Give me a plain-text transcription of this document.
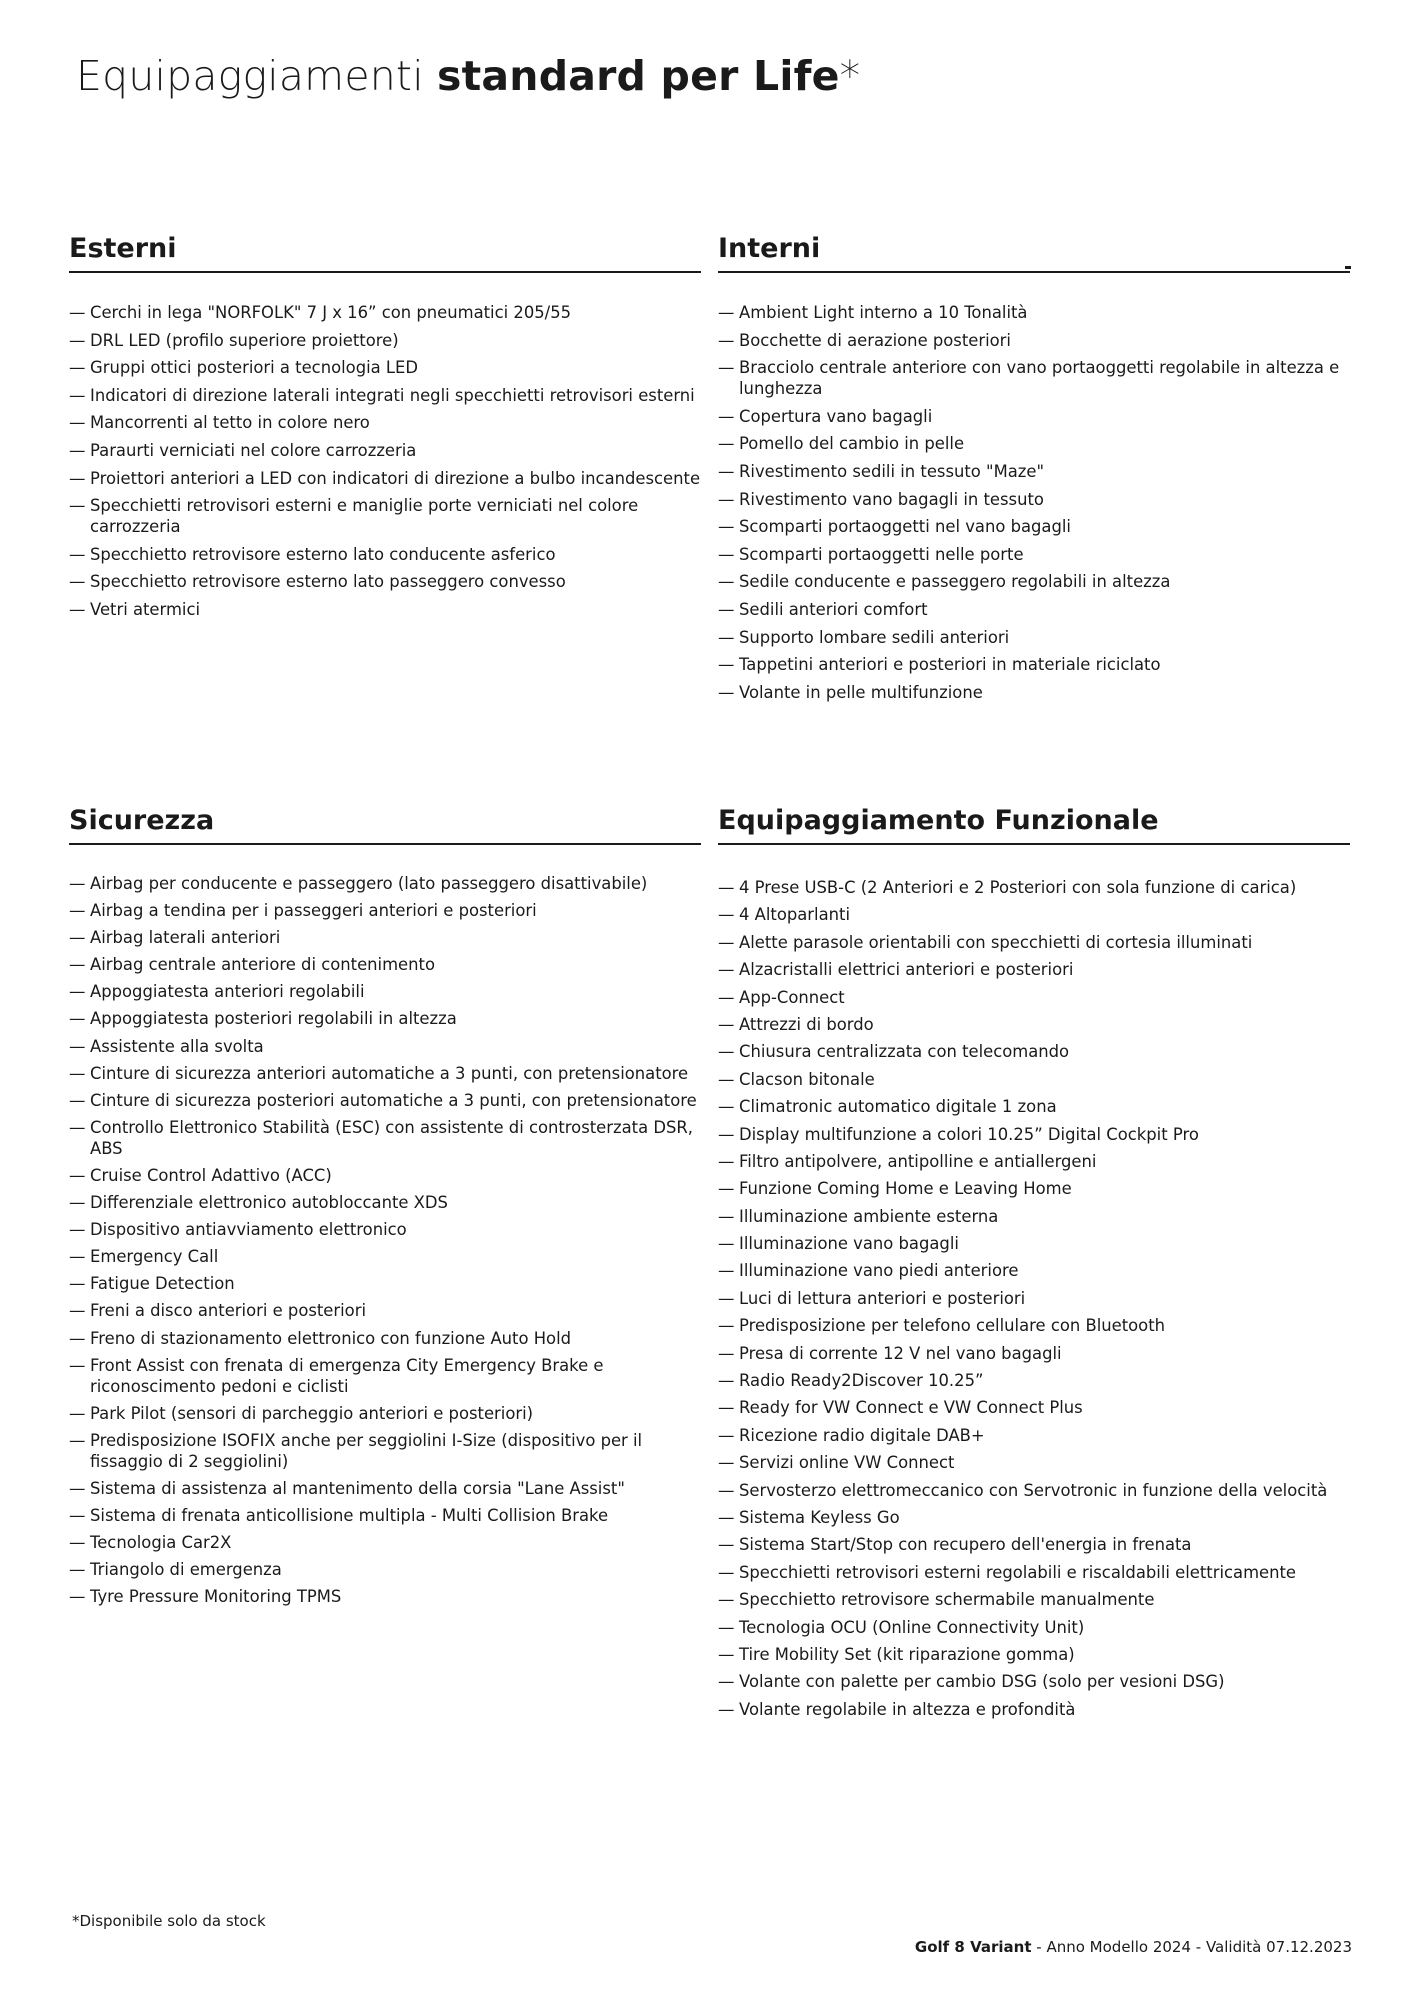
Equipaggiamenti standard per Life*
Esterni
— Cerchi in lega "NORFOLK" 7 J x 16” con pneumatici 205/55
— DRL LED (profilo superiore proiettore)
— Gruppi ottici posteriori a tecnologia LED
— Indicatori di direzione laterali integrati negli specchietti retrovisori esterni
— Mancorrenti al tetto in colore nero
— Paraurti verniciati nel colore carrozzeria
— Proiettori anteriori a LED con indicatori di direzione a bulbo incandescente
— Specchietti retrovisori esterni e maniglie porte verniciati nel colore carrozzeria
— Specchietto retrovisore esterno lato conducente asferico
— Specchietto retrovisore esterno lato passeggero convesso
— Vetri atermici
Interni
— Ambient Light interno a 10 Tonalità
— Bocchette di aerazione posteriori
— Bracciolo centrale anteriore con vano portaoggetti regolabile in altezza e lunghezza
— Copertura vano bagagli
— Pomello del cambio in pelle
— Rivestimento sedili in tessuto "Maze"
— Rivestimento vano bagagli in tessuto
— Scomparti portaoggetti nel vano bagagli
— Scomparti portaoggetti nelle porte
— Sedile conducente e passeggero regolabili in altezza
— Sedili anteriori comfort
— Supporto lombare sedili anteriori
— Tappetini anteriori e posteriori in materiale riciclato
— Volante in pelle multifunzione
Sicurezza
— Airbag per conducente e passeggero (lato passeggero disattivabile)
— Airbag a tendina per i passeggeri anteriori e posteriori
— Airbag laterali anteriori
— Airbag centrale anteriore di contenimento
— Appoggiatesta anteriori regolabili
— Appoggiatesta posteriori regolabili in altezza
— Assistente alla svolta
— Cinture di sicurezza anteriori automatiche a 3 punti, con pretensionatore
— Cinture di sicurezza posteriori automatiche a 3 punti, con pretensionatore
— Controllo Elettronico Stabilità (ESC) con assistente di controsterzata DSR, ABS
— Cruise Control Adattivo (ACC)
— Differenziale elettronico autobloccante XDS
— Dispositivo antiavviamento elettronico
— Emergency Call
— Fatigue Detection
— Freni a disco anteriori e posteriori
— Freno di stazionamento elettronico con funzione Auto Hold
— Front Assist con frenata di emergenza City Emergency Brake e riconoscimento pedoni e ciclisti
— Park Pilot (sensori di parcheggio anteriori e posteriori)
— Predisposizione ISOFIX anche per seggiolini I-Size (dispositivo per il fissaggio di 2 seggiolini)
— Sistema di assistenza al mantenimento della corsia "Lane Assist"
— Sistema di frenata anticollisione multipla - Multi Collision Brake
— Tecnologia Car2X
— Triangolo di emergenza
— Tyre Pressure Monitoring TPMS
Equipaggiamento Funzionale
— 4 Prese USB-C (2 Anteriori e 2 Posteriori con sola funzione di carica)
— 4 Altoparlanti
— Alette parasole orientabili con specchietti di cortesia illuminati
— Alzacristalli elettrici anteriori e posteriori
— App-Connect
— Attrezzi di bordo
— Chiusura centralizzata con telecomando
— Clacson bitonale
— Climatronic automatico digitale 1 zona
— Display multifunzione a colori 10.25” Digital Cockpit Pro
— Filtro antipolvere, antipolline e antiallergeni
— Funzione Coming Home e Leaving Home
— Illuminazione ambiente esterna
— Illuminazione vano bagagli
— Illuminazione vano piedi anteriore
— Luci di lettura anteriori e posteriori
— Predisposizione per telefono cellulare con Bluetooth
— Presa di corrente 12 V nel vano bagagli
— Radio Ready2Discover 10.25”
— Ready for VW Connect e VW Connect Plus
— Ricezione radio digitale DAB+
— Servizi online VW Connect
— Servosterzo elettromeccanico con Servotronic in funzione della velocità
— Sistema Keyless Go
— Sistema Start/Stop con recupero dell'energia in frenata
— Specchietti retrovisori esterni regolabili e riscaldabili elettricamente
— Specchietto retrovisore schermabile manualmente
— Tecnologia OCU (Online Connectivity Unit)
— Tire Mobility Set (kit riparazione gomma)
— Volante con palette per cambio DSG (solo per vesioni DSG)
— Volante regolabile in altezza e profondità
*Disponibile solo da stock
Golf 8 Variant - Anno Modello 2024 - Validità 07.12.2023
